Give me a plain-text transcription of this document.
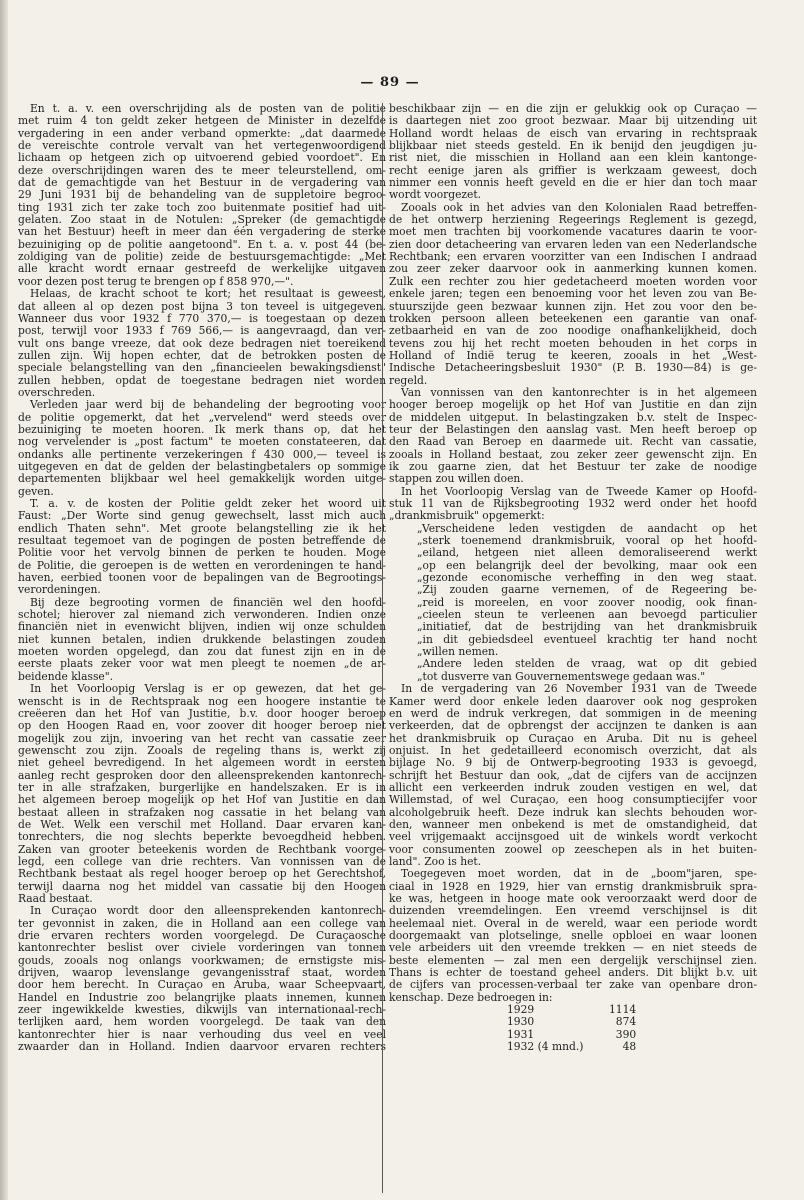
— 89 —
En t. a. v. een overschrijding als de posten van de politie
met ruim 4 ton geldt zeker hetgeen de Minister in dezelfde
vergadering in een ander verband opmerkte: „dat daarmede
de vereischte controle vervalt van het vertegenwoordigend
lichaam op hetgeen zich op uitvoerend gebied voordoet". En
deze overschrijdingen waren des te meer teleurstellend, om-
dat de gemachtigde van het Bestuur in de vergadering van
29 Juni 1931 bij de behandeling van de suppletoire begroo-
ting 1931 zich ter zake toch zoo buitenmate positief had uit-
gelaten. Zoo staat in de Notulen: „Spreker (de gemachtigde
van het Bestuur) heeft in meer dan één vergadering de sterke
bezuiniging op de politie aangetoond". En t. a. v. post 44 (be-
zoldiging van de politie) zeide de bestuursgemachtigde: „Met
alle kracht wordt ernaar gestreefd de werkelijke uitgaven
voor dezen post terug te brengen op f 858 970,—".
Helaas, de kracht schoot te kort; het resultaat is geweest,
dat alleen al op dezen post bijna 3 ton teveel is uitgegeven.
Wanneer dus voor 1932 f 770 370,— is toegestaan op dezen
post, terwijl voor 1933 f 769 566,— is aangevraagd, dan ver-
vult ons bange vreeze, dat ook deze bedragen niet toereikend
zullen zijn. Wij hopen echter, dat de betrokken posten de
speciale belangstelling van den „financieelen bewakingsdienst"
zullen hebben, opdat de toegestane bedragen niet worden
overschreden.
Verleden jaar werd bij de behandeling der begrooting voor
de politie opgemerkt, dat het „vervelend" werd steeds over
bezuiniging te moeten hooren. Ik merk thans op, dat het
nog vervelender is „post factum" te moeten constateeren, dat
ondanks alle pertinente verzekeringen f 430 000,— teveel is
uitgegeven en dat de gelden der belastingbetalers op sommige
departementen blijkbaar wel heel gemakkelijk worden uitge-
geven.
T. a. v. de kosten der Politie geldt zeker het woord uit
Faust: „Der Worte sind genug gewechselt, lasst mich auch
endlich Thaten sehn". Met groote belangstelling zie ik het
resultaat tegemoet van de pogingen de posten betreffende de
Politie voor het vervolg binnen de perken te houden. Moge
de Politie, die geroepen is de wetten en verordeningen te hand-
haven, eerbied toonen voor de bepalingen van de Begrootings-
verordeningen.
Bij deze begrooting vormen de financiën wel den hoofd-
schotel; hierover zal niemand zich verwonderen. Indien onze
financiën niet in evenwicht blijven, indien wij onze schulden
niet kunnen betalen, indien drukkende belastingen zouden
moeten worden opgelegd, dan zou dat funest zijn en in de
eerste plaats zeker voor wat men pleegt te noemen „de ar-
beidende klasse".
In het Voorloopig Verslag is er op gewezen, dat het ge-
wenscht is in de Rechtspraak nog een hoogere instantie te
creëeren dan het Hof van Justitie, b.v. door hooger beroep
op den Hoogen Raad en, voor zoover dit hooger beroep niet
mogelijk zou zijn, invoering van het recht van cassatie zeer
gewenscht zou zijn. Zooals de regeling thans is, werkt zij
niet geheel bevredigend. In het algemeen wordt in eersten
aanleg recht gesproken door den alleensprekenden kantonrech-
ter in alle strafzaken, burgerlijke en handelszaken. Er is in
het algemeen beroep mogelijk op het Hof van Justitie en dan
bestaat alleen in strafzaken nog cassatie in het belang van
de Wet. Welk een verschil met Holland. Daar ervaren kan-
tonrechters, die nog slechts beperkte bevoegdheid hebben.
Zaken van grooter beteekenis worden de Rechtbank voorge-
legd, een college van drie rechters. Van vonnissen van de
Rechtbank bestaat als regel hooger beroep op het Gerechtshof,
terwijl daarna nog het middel van cassatie bij den Hoogen
Raad bestaat.
In Curaçao wordt door den alleensprekenden kantonrech-
ter gevonnist in zaken, die in Holland aan een college van
drie ervaren rechters worden voorgelegd. De Curaçaosche
kantonrechter beslist over civiele vorderingen van tonnen
gouds, zooals nog onlangs voorkwamen; de ernstigste mis-
drijven, waarop levenslange gevangenisstraf staat, worden
door hem berecht. In Curaçao en Aruba, waar Scheepvaart,
Handel en Industrie zoo belangrijke plaats innemen, kunnen
zeer ingewikkelde kwesties, dikwijls van internationaal-rech-
terlijken aard, hem worden voorgelegd. De taak van den
kantonrechter hier is naar verhouding dus veel en veel
zwaarder dan in Holland. Indien daarvoor ervaren rechters
beschikbaar zijn — en die zijn er gelukkig ook op Curaçao —
is daartegen niet zoo groot bezwaar. Maar bij uitzending uit
Holland wordt helaas de eisch van ervaring in rechtspraak
blijkbaar niet steeds gesteld. En ik benijd den jeugdigen ju-
rist niet, die misschien in Holland aan een klein kantonge-
recht eenige jaren als griffier is werkzaam geweest, doch
nimmer een vonnis heeft geveld en die er hier dan toch maar
wordt voorgezet.
Zooals ook in het advies van den Kolonialen Raad betreffen-
de het ontwerp herziening Regeerings Reglement is gezegd,
moet men trachten bij voorkomende vacatures daarin te voor-
zien door detacheering van ervaren leden van een Nederlandsche
Rechtbank; een ervaren voorzitter van een Indischen I andraad
zou zeer zeker daarvoor ook in aanmerking kunnen komen.
Zulk een rechter zou hier gedetacheerd moeten worden voor
enkele jaren; tegen een benoeming voor het leven zou van Be-
stuurszijde geen bezwaar kunnen zijn. Het zou voor den be-
trokken persoon alleen beteekenen een garantie van onaf-
zetbaarheid en van de zoo noodige onafhankelijkheid, doch
tevens zou hij het recht moeten behouden in het corps in
Holland of Indië terug te keeren, zooals in het „West-
Indische Detacheeringsbesluit 1930" (P. B. 1930—84) is ge-
regeld.
Van vonnissen van den kantonrechter is in het algemeen
hooger beroep mogelijk op het Hof van Justitie en dan zijn
de middelen uitgeput. In belastingzaken b.v. stelt de Inspec-
teur der Belastingen den aanslag vast. Men heeft beroep op
den Raad van Beroep en daarmede uit. Recht van cassatie,
zooals in Holland bestaat, zou zeker zeer gewenscht zijn. En
ik zou gaarne zien, dat het Bestuur ter zake de noodige
stappen zou willen doen.
In het Voorloopig Verslag van de Tweede Kamer op Hoofd-
stuk 11 van de Rijksbegrooting 1932 werd onder het hoofd
„drankmisbruik" opgemerkt:
„Verscheidene leden vestigden de aandacht op het
„sterk toenemend drankmisbruik, vooral op het hoofd-
„eiland, hetgeen niet alleen demoraliseerend werkt
„op een belangrijk deel der bevolking, maar ook een
„gezonde economische verheffing in den weg staat.
„Zij zouden gaarne vernemen, of de Regeering be-
„reid is moreelen, en voor zoover noodig, ook finan-
„cieelen steun te verleenen aan bevoegd particulier
„initiatief, dat de bestrijding van het drankmisbruik
„in dit gebiedsdeel eventueel krachtig ter hand nocht
„willen nemen.
„Andere leden stelden de vraag, wat op dit gebied
„tot dusverre van Gouvernementswege gedaan was."
In de vergadering van 26 November 1931 van de Tweede
Kamer werd door enkele leden daarover ook nog gesproken
en werd de indruk verkregen, dat sommigen in de meening
verkeerden, dat de opbrengst der accijnzen te danken is aan
het drankmisbruik op Curaçao en Aruba. Dit nu is geheel
onjuist. In het gedetailleerd economisch overzicht, dat als
bijlage No. 9 bij de Ontwerp-begrooting 1933 is gevoegd,
schrijft het Bestuur dan ook, „dat de cijfers van de accijnzen
allicht een verkeerden indruk zouden vestigen en wel, dat
Willemstad, of wel Curaçao, een hoog consumptiecijfer voor
alcoholgebruik heeft. Deze indruk kan slechts behouden wor-
den, wanneer men onbekend is met de omstandigheid, dat
veel vrijgemaakt accijnsgoed uit de winkels wordt verkocht
voor consumenten zoowel op zeeschepen als in het buiten-
land". Zoo is het.
Toegegeven moet worden, dat in de „boom"jaren, spe-
ciaal in 1928 en 1929, hier van ernstig drankmisbruik spra-
ke was, hetgeen in hooge mate ook veroorzaakt werd door de
duizenden vreemdelingen. Een vreemd verschijnsel is dit
heelemaal niet. Overal in de wereld, waar een periode wordt
doorgemaakt van plotselinge, snelle opbloei en waar loonen
vele arbeiders uit den vreemde trekken — en niet steeds de
beste elementen — zal men een dergelijk verschijnsel zien.
Thans is echter de toestand geheel anders. Dit blijkt b.v. uit
de cijfers van processen-verbaal ter zake van openbare dron-
kenschap. Deze bedroegen in:
1929	1114
1930	874
1931	390
1932 (4 mnd.)	48
